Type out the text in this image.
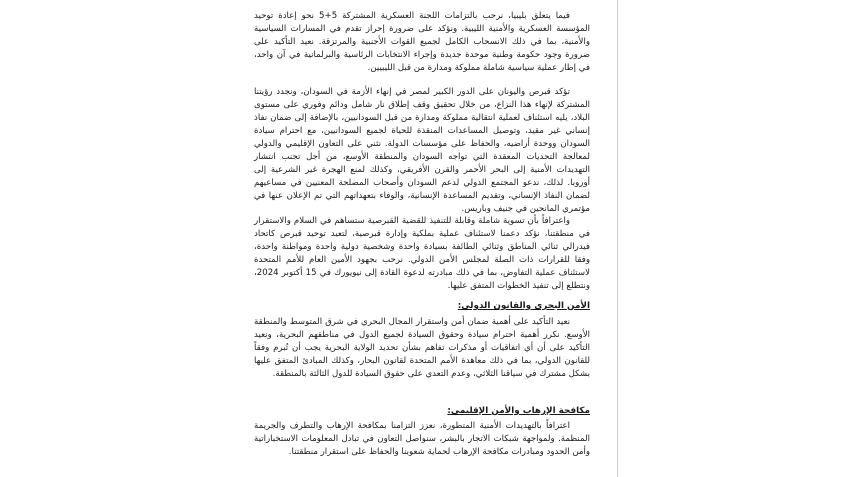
فيما يتعلق بليبيا، نرحب بالتزامات اللجنة العسكرية المشتركة 5+5 نحو إعادة توحيد المؤسسة العسكرية والأمنية الليبية. ونؤكد على ضرورة إحراز تقدم في المسارات السياسية والأمنية، بما في ذلك الانسحاب الكامل لجميع القوات الأجنبية والمرتزقة. نعيد التأكيد على ضرورة وجود حكومة وطنية موحدة جديدة وإجراء الانتخابات الرئاسية والبرلمانية في آن واحد، في إطار عملية سياسية شاملة مملوكة ومدارة من قبل الليبيين.

تؤكد قبرص واليونان على الدور الكبير لمصر في إنهاء الأزمة في السودان، ونجدد رؤيتنا المشتركة لإنهاء هذا النزاع، من خلال تحقيق وقف إطلاق نار شامل ودائم وفوري على مستوى البلاد، يليه استئناف لعملية انتقالية مملوكة ومدارة من قبل السودانيين، بالإضافة إلى ضمان نفاذ إنساني غير مقيد، وتوصيل المساعدات المنقذة للحياة لجميع السودانيين، مع احترام سيادة السودان ووحدة أراضيه، والحفاظ على مؤسسات الدولة. نثني على التعاون الإقليمي والدولي لمعالجة التحديات المعقدة التي تواجه السودان والمنطقة الأوسع، من أجل تجنب انتشار التهديدات الأمنية إلى البحر الأحمر والقرن الأفريقي، وكذلك لمنع الهجرة غير الشرعية إلى أوروبا. لذلك، ندعو المجتمع الدولي لدعم السودان وأصحاب المصلحة المعنيين في مساعيهم لضمان النفاذ الإنساني، وتقديم المساعدة الإنسانية، والوفاء بتعهداتهم التي تم الإعلان عنها في مؤتمري المانحين في جنيف وباريس.

واعترافاً بأن تسوية شاملة وقابلة للتنفيذ للقضية القبرصية ستساهم في السلام والاستقرار في منطقتنا، نؤكد دعمنا لاستئناف عملية بملكية وإدارة قبرصية، لتعيد توحيد قبرص كاتحاد فيدرالي ثنائي المناطق وثنائي الطائفة بسيادة واحدة وشخصية دولية واحدة ومواطنة واحدة، وفقا للقرارات ذات الصلة لمجلس الأمن الدولي. نرحب بجهود الأمين العام للأمم المتحدة لاستئناف عملية التفاوض، بما في ذلك مبادرته لدعوة القادة إلى نيويورك في 15 أكتوبر 2024، ونتطلع إلى تنفيذ الخطوات المتفق عليها.

الأمن البحري والقانون الدولي:

نعيد التأكيد على أهمية ضمان أمن واستقرار المجال البحري في شرق المتوسط والمنطقة الأوسع. نكرر أهمية احترام سيادة وحقوق السيادة لجميع الدول في مناطقهم البحرية، ونعيد التأكيد على أن أي اتفاقيات أو مذكرات تفاهم بشأن تحديد الولاية البحرية يجب أن تُبرم وفقاً للقانون الدولي، بما في ذلك معاهدة الأمم المتحدة لقانون البحار، وكذلك المبادئ المتفق عليها بشكل مشترك في سياقنا الثلاثي، وعدم التعدي على حقوق السيادة للدول الثالثة بالمنطقة.

مكافحة الإرهاب والأمن الإقليمي:

اعترافاً بالتهديدات الأمنية المتطورة، نعزز التزامنا بمكافحة الإرهاب والتطرف والجريمة المنظمة. ولمواجهة شبكات الاتجار بالبشر، سنواصل التعاون في تبادل المعلومات الاستخباراتية وأمن الحدود ومبادرات مكافحة الإرهاب لحماية شعوبنا والحفاظ على استقرار منطقتنا.
